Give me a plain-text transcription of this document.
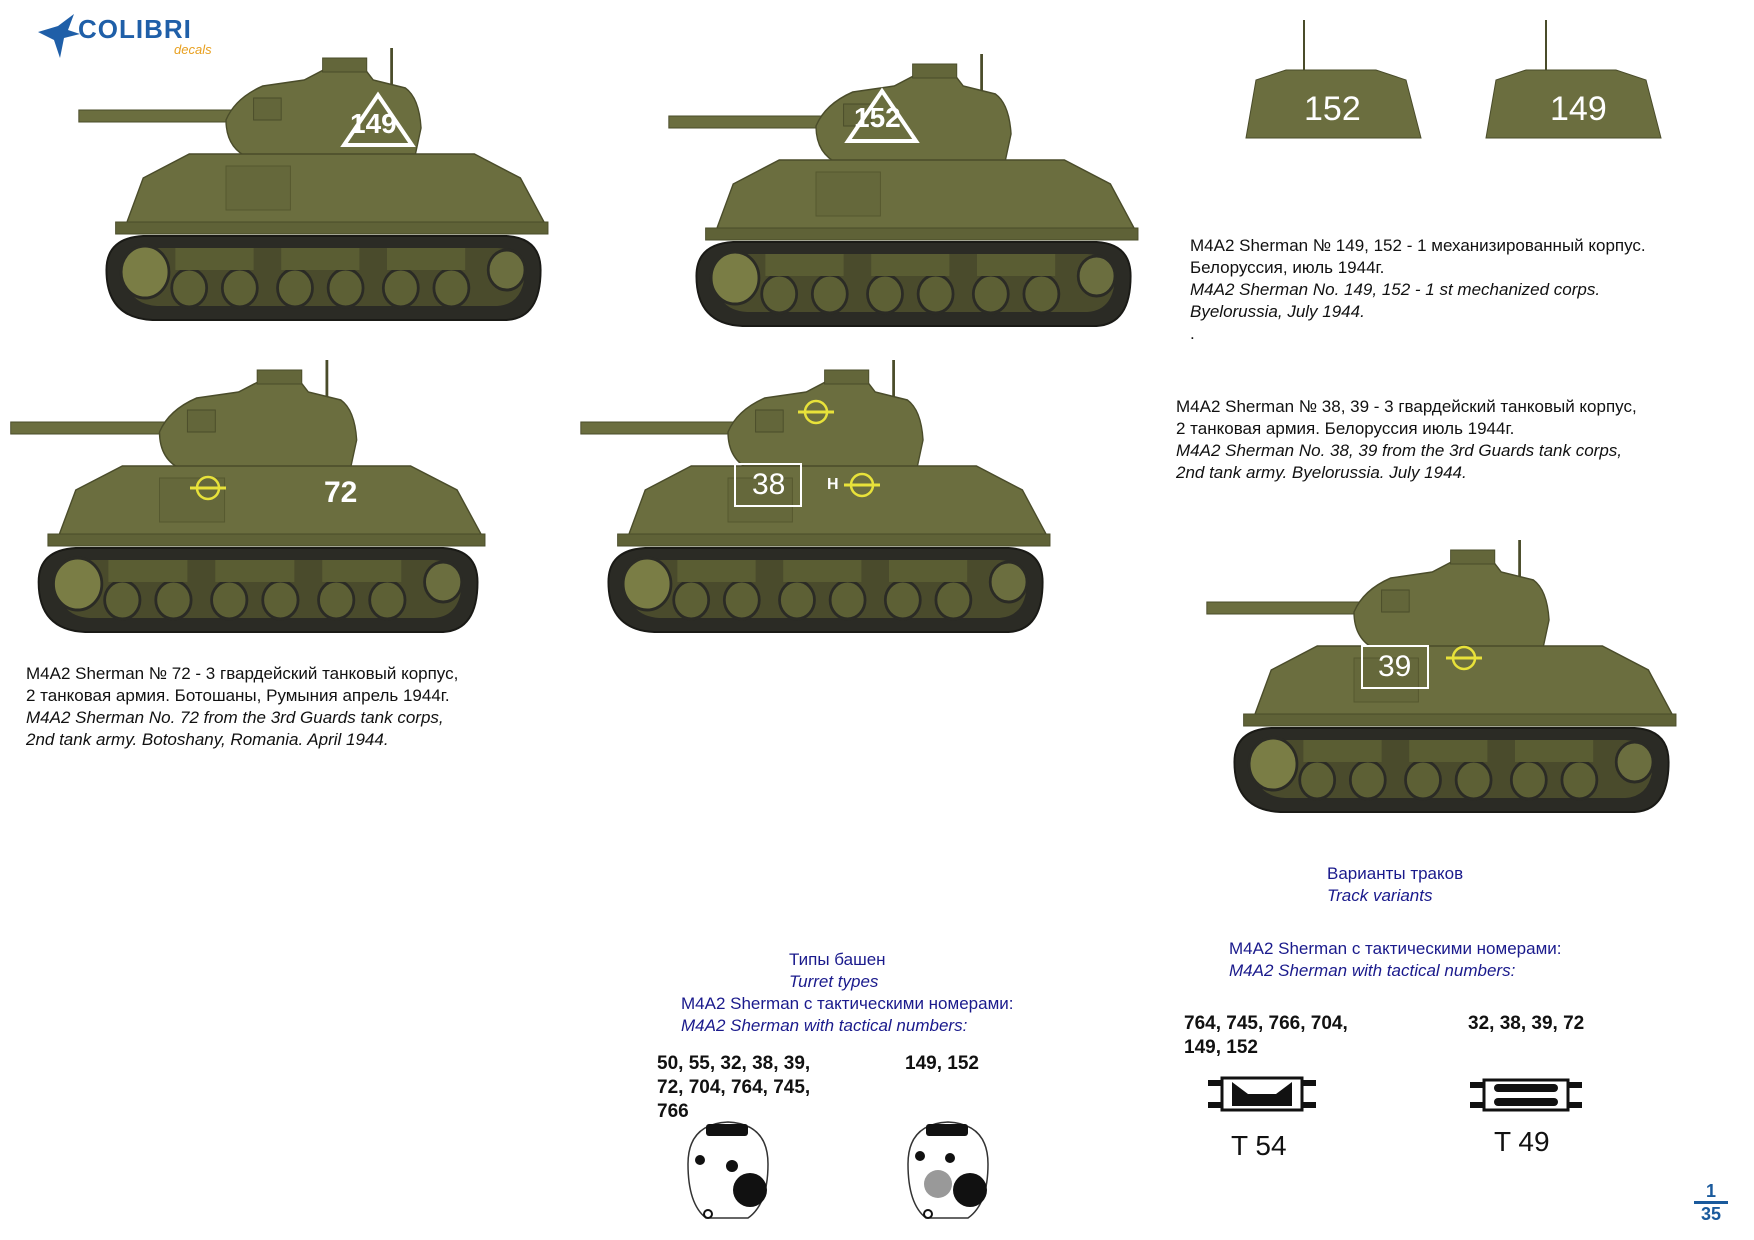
COLIBRI
decals
149	152	152	149
M4A2 Sherman № 149, 152 - 1 механизированный корпус.
Белоруссия, июль 1944г.
M4A2 Sherman No. 149, 152 - 1 st mechanized corps.
Byelorussia, July 1944.
.
72	38	Н
M4A2 Sherman № 38, 39 - 3 гвардейский танковый корпус,
2 танковая армия. Белоруссия июль 1944г.
M4A2 Sherman No. 38, 39 from the 3rd Guards tank corps,
2nd tank army. Byelorussia. July 1944.
M4A2 Sherman № 72 - 3 гвардейский танковый корпус,
2 танковая армия. Ботошаны, Румыния апрель 1944г.
M4A2 Sherman No. 72 from the 3rd Guards tank corps,
2nd tank army. Botoshany, Romania. April 1944.
39
Варианты траков
Track variants
M4A2 Sherman с тактическими номерами:
M4A2 Sherman with tactical numbers:
764, 745, 766, 704,
149, 152
32, 38, 39, 72
T 54	T 49
Типы башен
Turret types
M4A2 Sherman с тактическими номерами:
M4A2 Sherman with tactical numbers:
50, 55, 32, 38, 39,
72, 704, 764, 745,
766
149, 152
1
35
